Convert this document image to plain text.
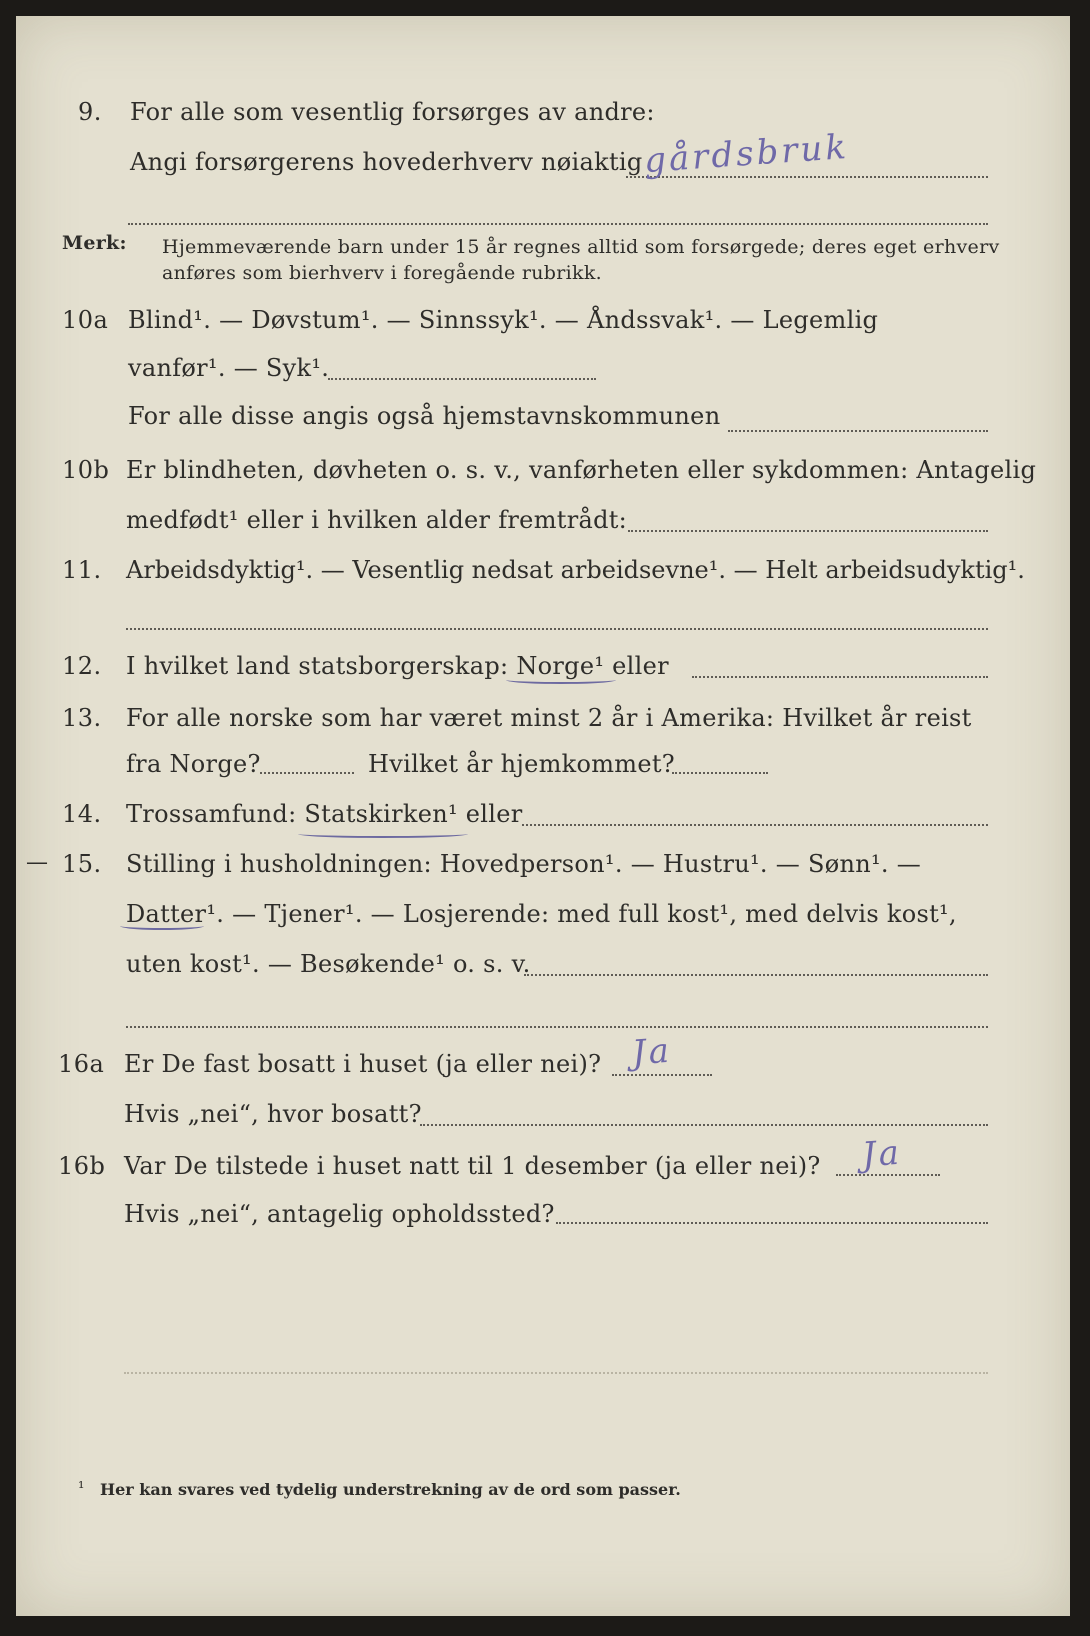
9. For alle som vesentlig forsørges av andre:
Angi forsørgerens hovederhverv nøiaktig gårdsbruk
Merk: Hjemmeværende barn under 15 år regnes alltid som forsørgede; deres eget erhverv
anføres som bierhverv i foregående rubrikk.
10a Blind¹. — Døvstum¹. — Sinnssyk¹. — Åndssvak¹. — Legemlig
vanfør¹. — Syk¹.
For alle disse angis også hjemstavnskommunen
10b Er blindheten, døvheten o. s. v., vanførheten eller sykdommen: Antagelig
medfødt¹ eller i hvilken alder fremtrådt:
11. Arbeidsdyktig¹. — Vesentlig nedsat arbeidsevne¹. — Helt arbeidsudyktig¹.
12. I hvilket land statsborgerskap: Norge¹ eller
13. For alle norske som har været minst 2 år i Amerika: Hvilket år reist
fra Norge?	Hvilket år hjemkommet?
14. Trossamfund: Statskirken¹ eller
— 15. Stilling i husholdningen: Hovedperson¹. — Hustru¹. — Sønn¹. —
Datter¹. — Tjener¹. — Losjerende: med full kost¹, med delvis kost¹,
uten kost¹. — Besøkende¹ o. s. v.
16a Er De fast bosatt i huset (ja eller nei)? Ja
Hvis „nei“, hvor bosatt?
16b Var De tilstede i huset natt til 1 desember (ja eller nei)? Ja
Hvis „nei“, antagelig opholdssted?
¹ Her kan svares ved tydelig understrekning av de ord som passer.
